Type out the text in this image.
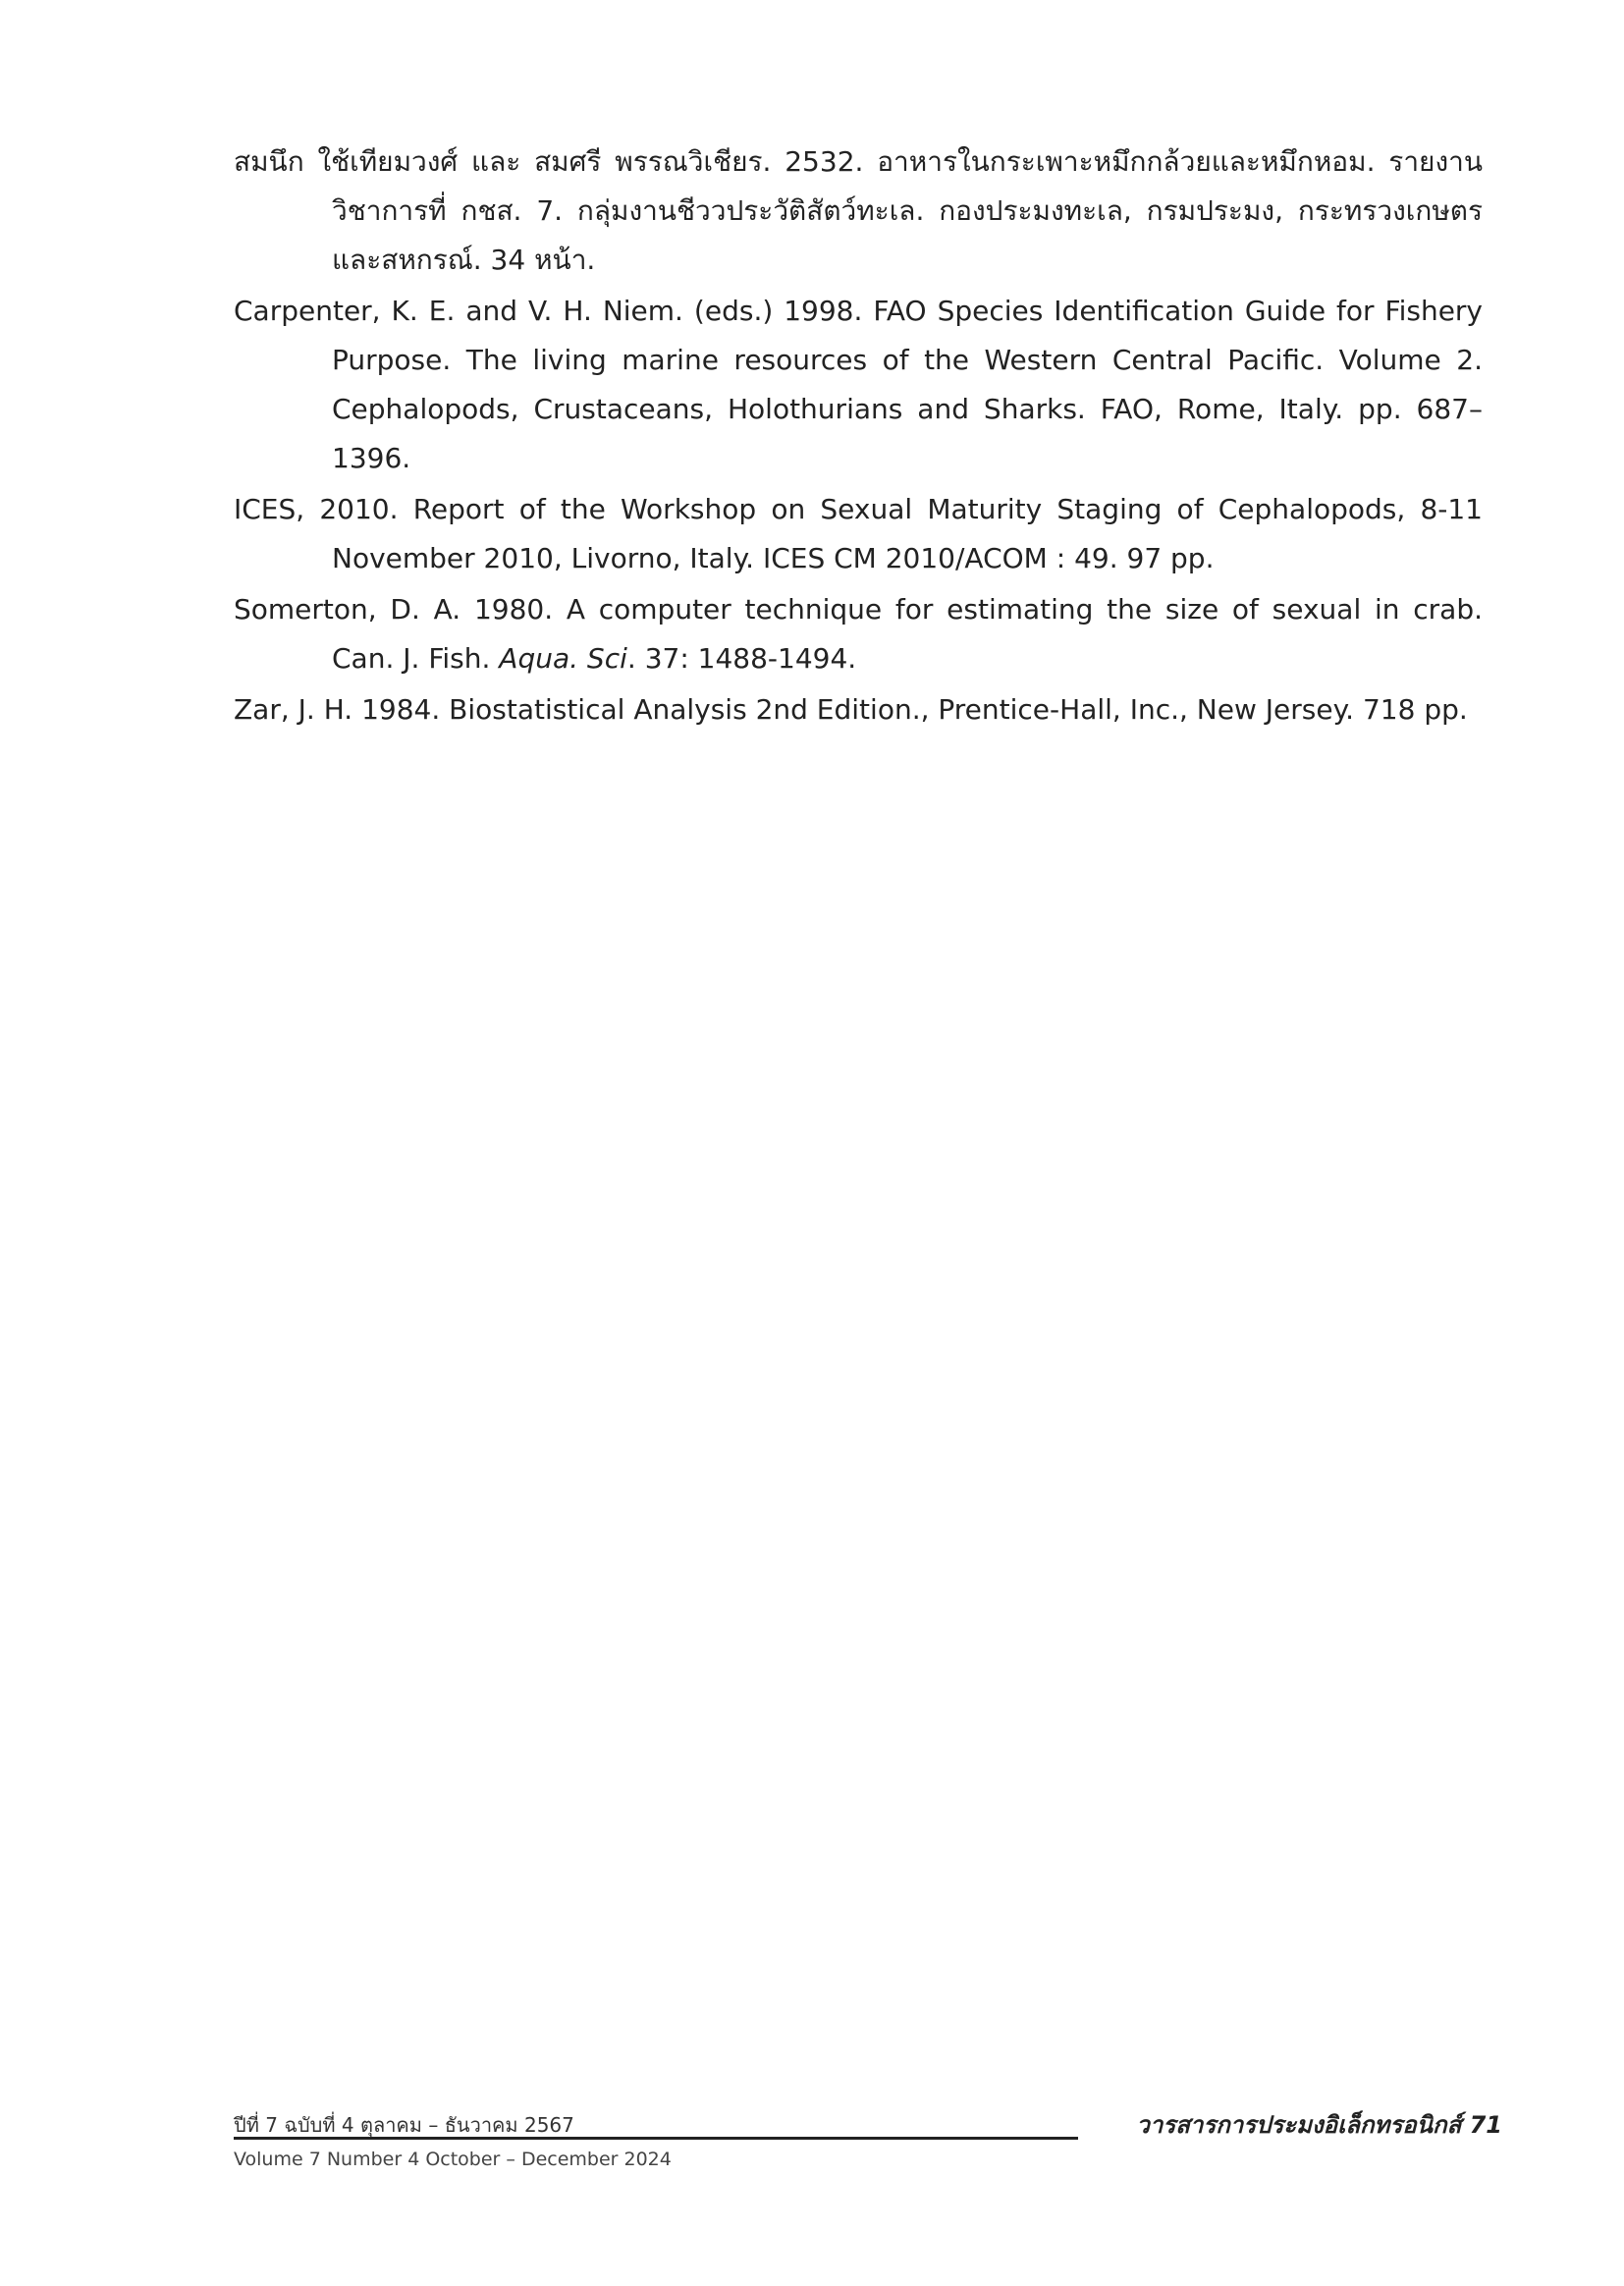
สมนึก ใช้เทียมวงศ์ และ สมศรี พรรณวิเชียร. 2532. อาหารในกระเพาะหมึกกล้วยและหมึกหอม. รายงานวิชาการที่ กชส. 7. กลุ่มงานชีววประวัติสัตว์ทะเล. กองประมงทะเล, กรมประมง, กระทรวงเกษตรและสหกรณ์. 34 หน้า.

Carpenter, K. E. and V. H. Niem. (eds.) 1998. FAO Species Identification Guide for Fishery Purpose. The living marine resources of the Western Central Pacific. Volume 2. Cephalopods, Crustaceans, Holothurians and Sharks. FAO, Rome, Italy. pp. 687–1396.

ICES, 2010. Report of the Workshop on Sexual Maturity Staging of Cephalopods, 8-11 November 2010, Livorno, Italy. ICES CM 2010/ACOM : 49. 97 pp.

Somerton, D. A. 1980. A computer technique for estimating the size of sexual in crab. Can. J. Fish. Aqua. Sci. 37: 1488-1494.

Zar, J. H. 1984. Biostatistical Analysis 2nd Edition., Prentice-Hall, Inc., New Jersey. 718 pp.

ปีที่ 7 ฉบับที่ 4 ตุลาคม – ธันวาคม 2567	วารสารการประมงอิเล็กทรอนิกส์ 71
Volume 7 Number 4 October – December 2024
